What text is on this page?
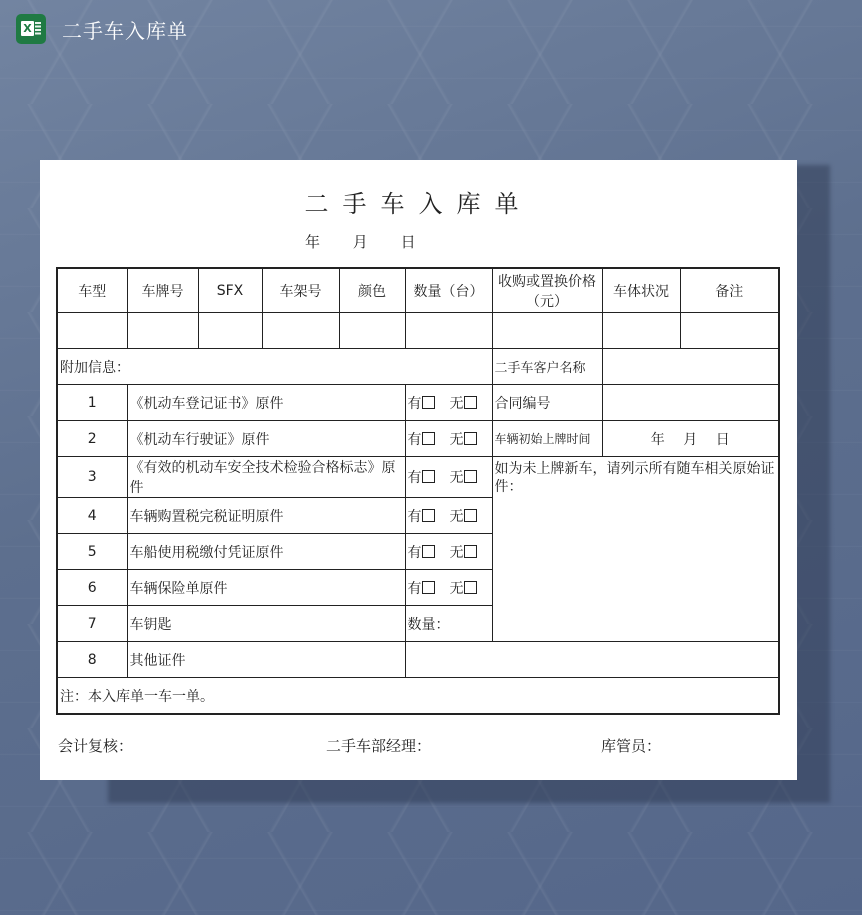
X 二手车入库单
二手车入库单
年 月 日
车型	车牌号	SFX	车架号	颜色	数量（台）	收购或置换价格（元）	车体状况	备注

附加信息：						二手车客户名称		
1	《机动车登记证书》原件				有 无	合同编号		
2	《机动车行驶证》原件				有 无	车辆初始上牌时间	年　 月　 日	
3	《有效的机动车安全技术检验合格标志》原件				有 无	如为未上牌新车，请列示所有随车相关原始证件：		
4	车辆购置税完税证明原件				有 无			
5	车船使用税缴付凭证原件				有 无			
6	车辆保险单原件				有 无			
7	车钥匙				数量：			
8	其他证件							
注：本入库单一车一单。								
会计复核：	二手车部经理：	库管员：
